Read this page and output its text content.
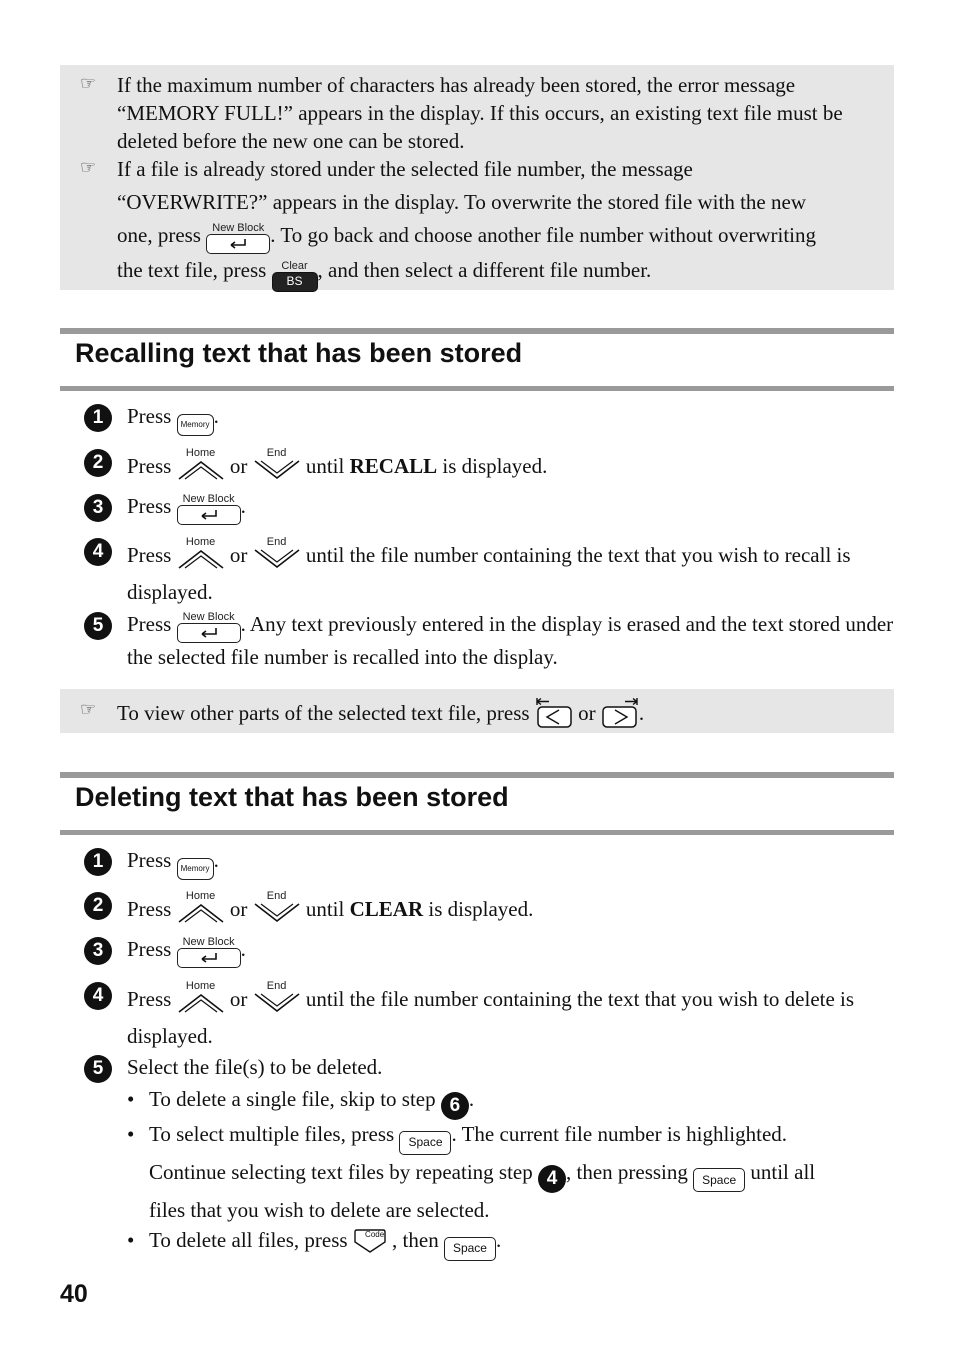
☞ If the maximum number of characters has already been stored, the error message “MEMORY FULL!” appears in the display. If this occurs, an existing text file must be deleted before the new one can be stored.
☞ If a file is already stored under the selected file number, the message
“OVERWRITE?” appears in the display. To overwrite the stored file with the new
one, press	New Block . To go back and choose another file number without overwriting
the text file, press	Clear
BS , and then select a different file number.
Recalling text that has been stored
1	Press	Memory .
2	Press
Home
or
End
until RECALL is displayed.
3	Press	New Block .
4	Press
Home
or
End
until the file number containing the text that you wish to recall is displayed.
5	Press	New Block . Any text previously entered in the display is erased and the text stored under the selected file number is recalled into the display.
☞ To view other parts of the selected text file, press or .
Deleting text that has been stored
1	Press	Memory .
2	Press
Home
or
End
until CLEAR is displayed.
3	Press	New Block .
4	Press
Home
or
End
until the file number containing the text that you wish to delete is displayed.
5	Select the file(s) to be deleted.
• To delete a single file, skip to step 6 .
• To select multiple files, press	Space . The current file number is highlighted.
Continue selecting text files by repeating step 4 , then pressing	Space until all
files that you wish to delete are selected.
• To delete all files, press Code , then	Space .
40
